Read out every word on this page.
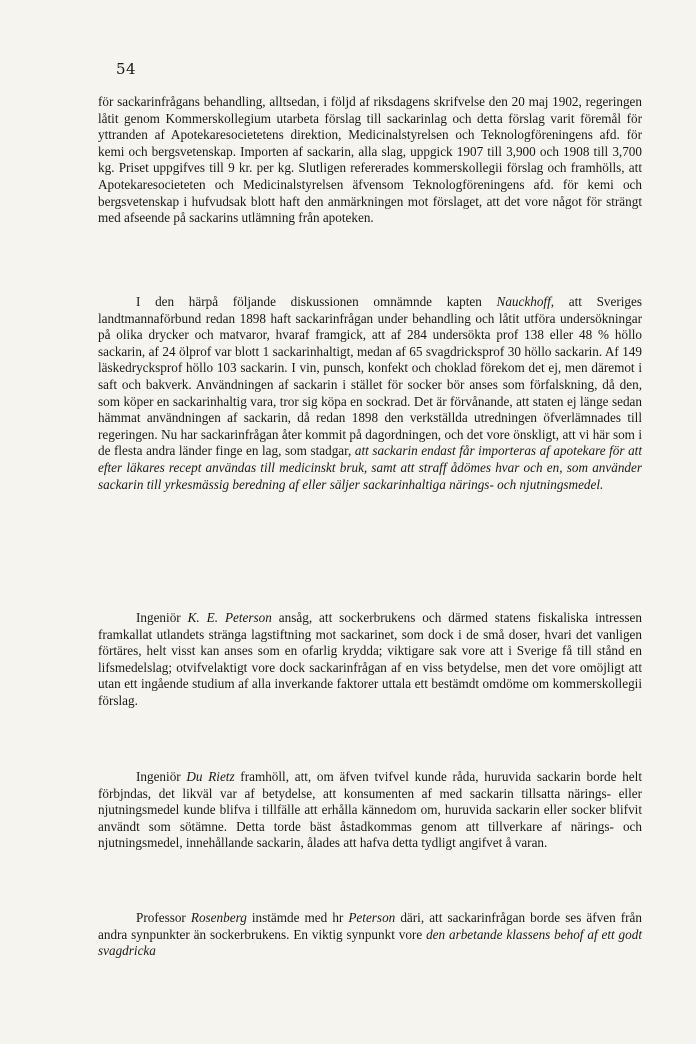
54

för sackarinfrågans behandling, alltsedan, i följd af riksdagens skrifvelse den 20 maj 1902, regeringen låtit genom Kommerskollegium utarbeta förslag till sackarinlag och detta förslag varit föremål för yttranden af Apotekaresocietetens direktion, Medicinalstyrelsen och Teknologföreningens afd. för kemi och bergsvetenskap. Importen af sackarin, alla slag, uppgick 1907 till 3,900 och 1908 till 3,700 kg. Priset uppgifves till 9 kr. per kg. Slutligen refererades kommerskollegii förslag och framhölls, att Apotekaresocieteten och Medicinalstyrelsen äfvensom Teknologföreningens afd. för kemi och bergsvetenskap i hufvudsak blott haft den anmärkningen mot förslaget, att det vore något för strängt med afseende på sackarins utlämning från apoteken.

I den härpå följande diskussionen omnämnde kapten Nauckhoff, att Sveriges landtmannaförbund redan 1898 haft sackarinfrågan under behandling och låtit utföra undersökningar på olika drycker och matvaror, hvaraf framgick, att af 284 undersökta prof 138 eller 48 % höllo sackarin, af 24 ölprof var blott 1 sackarinhaltigt, medan af 65 svagdricksprof 30 höllo sackarin. Af 149 läskedrycksprof höllo 103 sackarin. I vin, punsch, konfekt och choklad förekom det ej, men däremot i saft och bakverk. Användningen af sackarin i stället för socker bör anses som förfalskning, då den, som köper en sackarinhaltig vara, tror sig köpa en sockrad. Det är förvånande, att staten ej länge sedan hämmat användningen af sackarin, då redan 1898 den verkställda utredningen öfverlämnades till regeringen. Nu har sackarinfrågan åter kommit på dagordningen, och det vore önskligt, att vi här som i de flesta andra länder finge en lag, som stadgar, att sackarin endast får importeras af apotekare för att efter läkares recept användas till medicinskt bruk, samt att straff ådömes hvar och en, som använder sackarin till yrkesmässig beredning af eller säljer sackarinhaltiga närings- och njutningsmedel.

Ingeniör K. E. Peterson ansåg, att sockerbrukens och därmed statens fiskaliska intressen framkallat utlandets stränga lagstiftning mot sackarinet, som dock i de små doser, hvari det vanligen förtäres, helt visst kan anses som en ofarlig krydda; viktigare sak vore att i Sverige få till stånd en lifsmedelslag; otvifvelaktigt vore dock sackarinfrågan af en viss betydelse, men det vore omöjligt att utan ett ingående studium af alla inverkande faktorer uttala ett bestämdt omdöme om kommerskollegii förslag.

Ingeniör Du Rietz framhöll, att, om äfven tvifvel kunde råda, huruvida sackarin borde helt förbjndas, det likväl var af betydelse, att konsumenten af med sackarin tillsatta närings- eller njutningsmedel kunde blifva i tillfälle att erhålla kännedom om, huruvida sackarin eller socker blifvit användt som sötämne. Detta torde bäst åstadkommas genom att tillverkare af närings- och njutningsmedel, innehållande sackarin, ålades att hafva detta tydligt angifvet å varan.

Professor Rosenberg instämde med hr Peterson däri, att sackarinfrågan borde ses äfven från andra synpunkter än sockerbrukens. En viktig synpunkt vore den arbetande klassens behof af ett godt svagdricka
